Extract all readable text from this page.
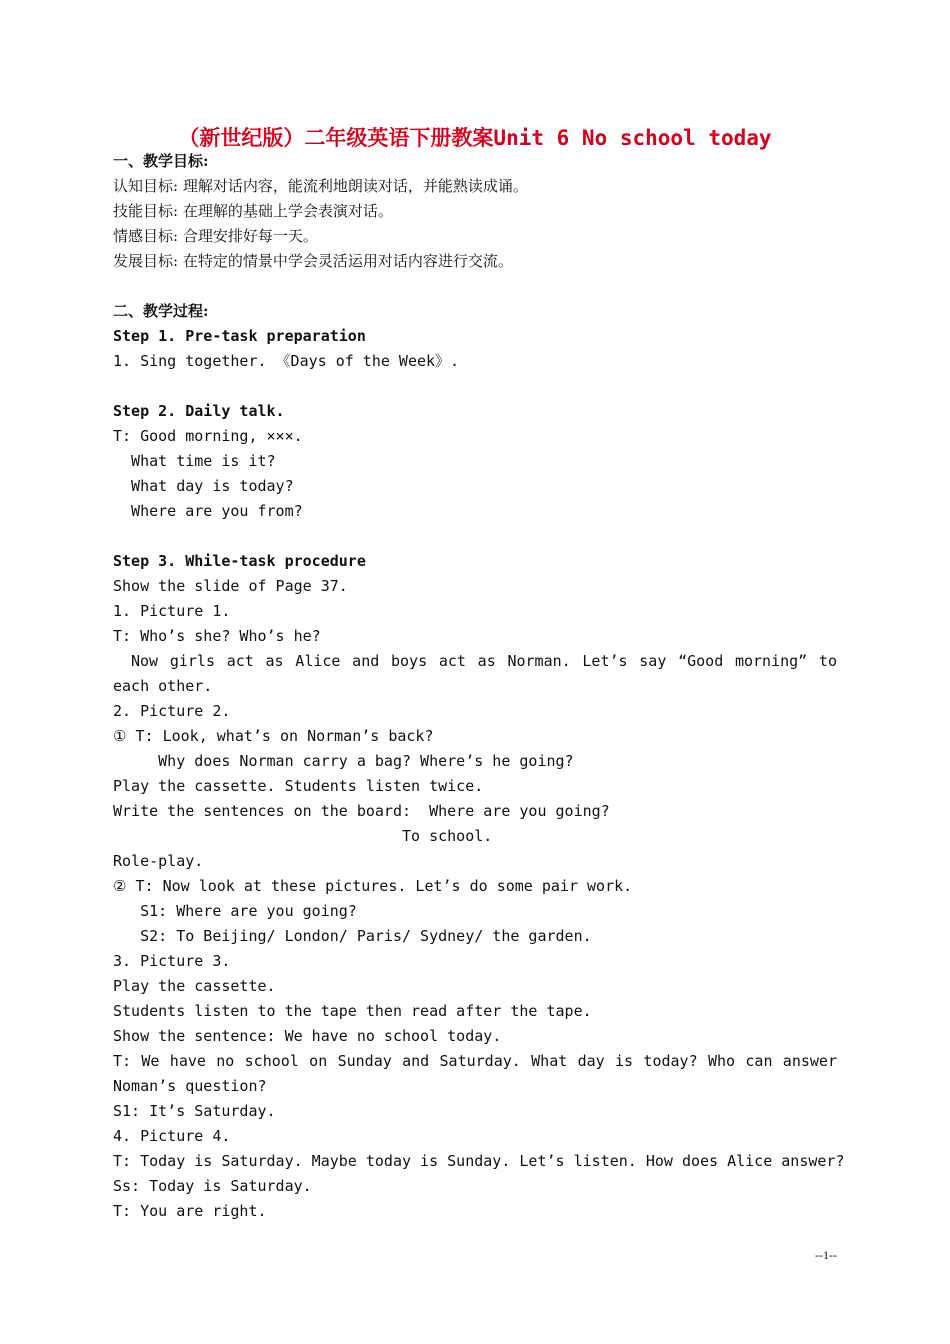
（新世纪版）二年级英语下册教案Unit 6 No school today
一、教学目标:
认知目标: 理解对话内容，能流利地朗读对话，并能熟读成诵。
技能目标: 在理解的基础上学会表演对话。
情感目标: 合理安排好每一天。
发展目标: 在特定的情景中学会灵活运用对话内容进行交流。
二、教学过程:
Step 1. Pre-task preparation
1. Sing together. 《Days of the Week》.
Step 2. Daily talk.
T: Good morning, ×××.
What time is it?
What day is today?
Where are you from?
Step 3. While-task procedure
Show the slide of Page 37.
1. Picture 1.
T: Who’s she? Who’s he?
Now girls act as Alice and boys act as Norman. Let’s say “Good morning” to each other.
2. Picture 2.
① T: Look, what’s on Norman’s back?
Why does Norman carry a bag? Where’s he going?
Play the cassette. Students listen twice.
Write the sentences on the board:  Where are you going?
To school.
Role-play.
② T: Now look at these pictures. Let’s do some pair work.
S1: Where are you going?
S2: To Beijing/ London/ Paris/ Sydney/ the garden.
3. Picture 3.
Play the cassette.
Students listen to the tape then read after the tape.
Show the sentence: We have no school today.
T: We have no school on Sunday and Saturday. What day is today? Who can answer Noman’s question?
S1: It’s Saturday.
4. Picture 4.
T: Today is Saturday. Maybe today is Sunday. Let’s listen. How does Alice answer?
Ss: Today is Saturday.
T: You are right.
--1--
